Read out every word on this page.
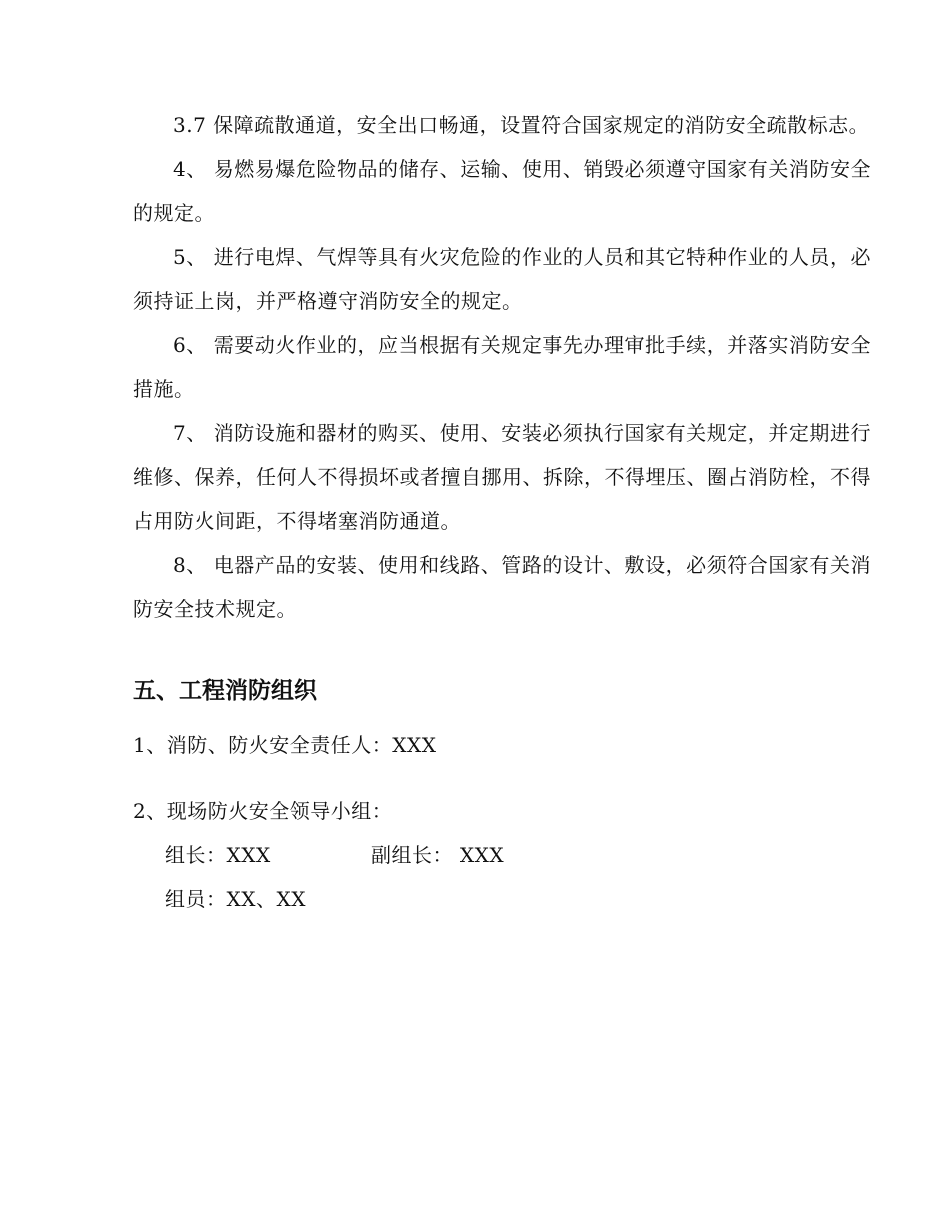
3.7 保障疏散通道，安全出口畅通，设置符合国家规定的消防安全疏散标志。

4、 易燃易爆危险物品的储存、运输、使用、销毁必须遵守国家有关消防安全的规定。

5、 进行电焊、气焊等具有火灾危险的作业的人员和其它特种作业的人员，必须持证上岗，并严格遵守消防安全的规定。

6、 需要动火作业的，应当根据有关规定事先办理审批手续，并落实消防安全措施。

7、 消防设施和器材的购买、使用、安装必须执行国家有关规定，并定期进行维修、保养，任何人不得损坏或者擅自挪用、拆除，不得埋压、圈占消防栓，不得占用防火间距，不得堵塞消防通道。

8、 电器产品的安装、使用和线路、管路的设计、敷设，必须符合国家有关消防安全技术规定。

五、工程消防组织

1、消防、防火安全责任人：XXX

2、现场防火安全领导小组：

组长：XXX	副组长： XXX

组员：XX、XX
